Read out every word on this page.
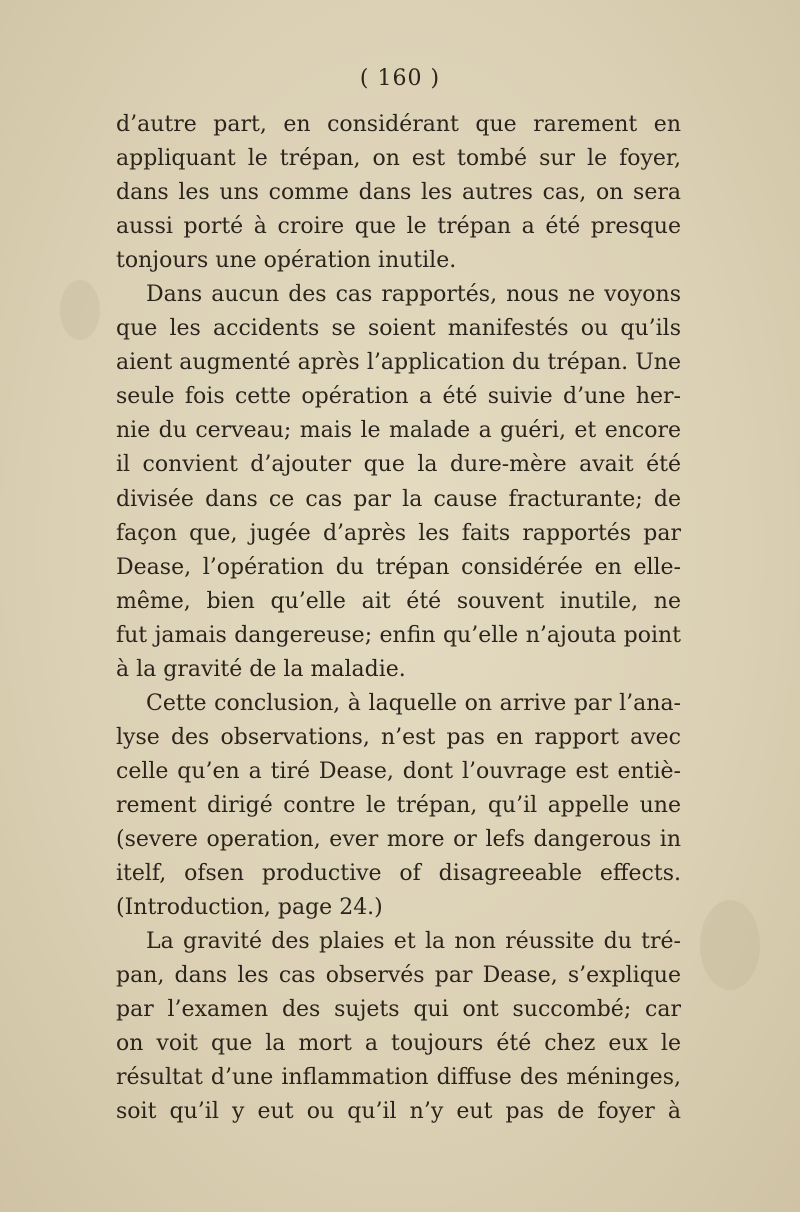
( 160 )
d’autre part, en considérant que rarement en
appliquant le trépan, on est tombé sur le foyer,
dans les uns comme dans les autres cas, on sera
aussi porté à croire que le trépan a été presque
tonjours une opération inutile.
Dans aucun des cas rapportés, nous ne voyons
que les accidents se soient manifestés ou qu’ils
aient augmenté après l’application du trépan. Une
seule fois cette opération a été suivie d’une her-
nie du cerveau; mais le malade a guéri, et encore
il convient d’ajouter que la dure-mère avait été
divisée dans ce cas par la cause fracturante; de
façon que, jugée d’après les faits rapportés par
Dease, l’opération du trépan considérée en elle-
même, bien qu’elle ait été souvent inutile, ne
fut jamais dangereuse; enfin qu’elle n’ajouta point
à la gravité de la maladie.
Cette conclusion, à laquelle on arrive par l’ana-
lyse des observations, n’est pas en rapport avec
celle qu’en a tiré Dease, dont l’ouvrage est entiè-
rement dirigé contre le trépan, qu’il appelle une
(severe operation, ever more or lefs dangerous in
itelf, ofsen productive of disagreeable effects.
(Introduction, page 24.)
La gravité des plaies et la non réussite du tré-
pan, dans les cas observés par Dease, s’explique
par l’examen des sujets qui ont succombé; car
on voit que la mort a toujours été chez eux le
résultat d’une inflammation diffuse des méninges,
soit qu’il y eut ou qu’il n’y eut pas de foyer à
